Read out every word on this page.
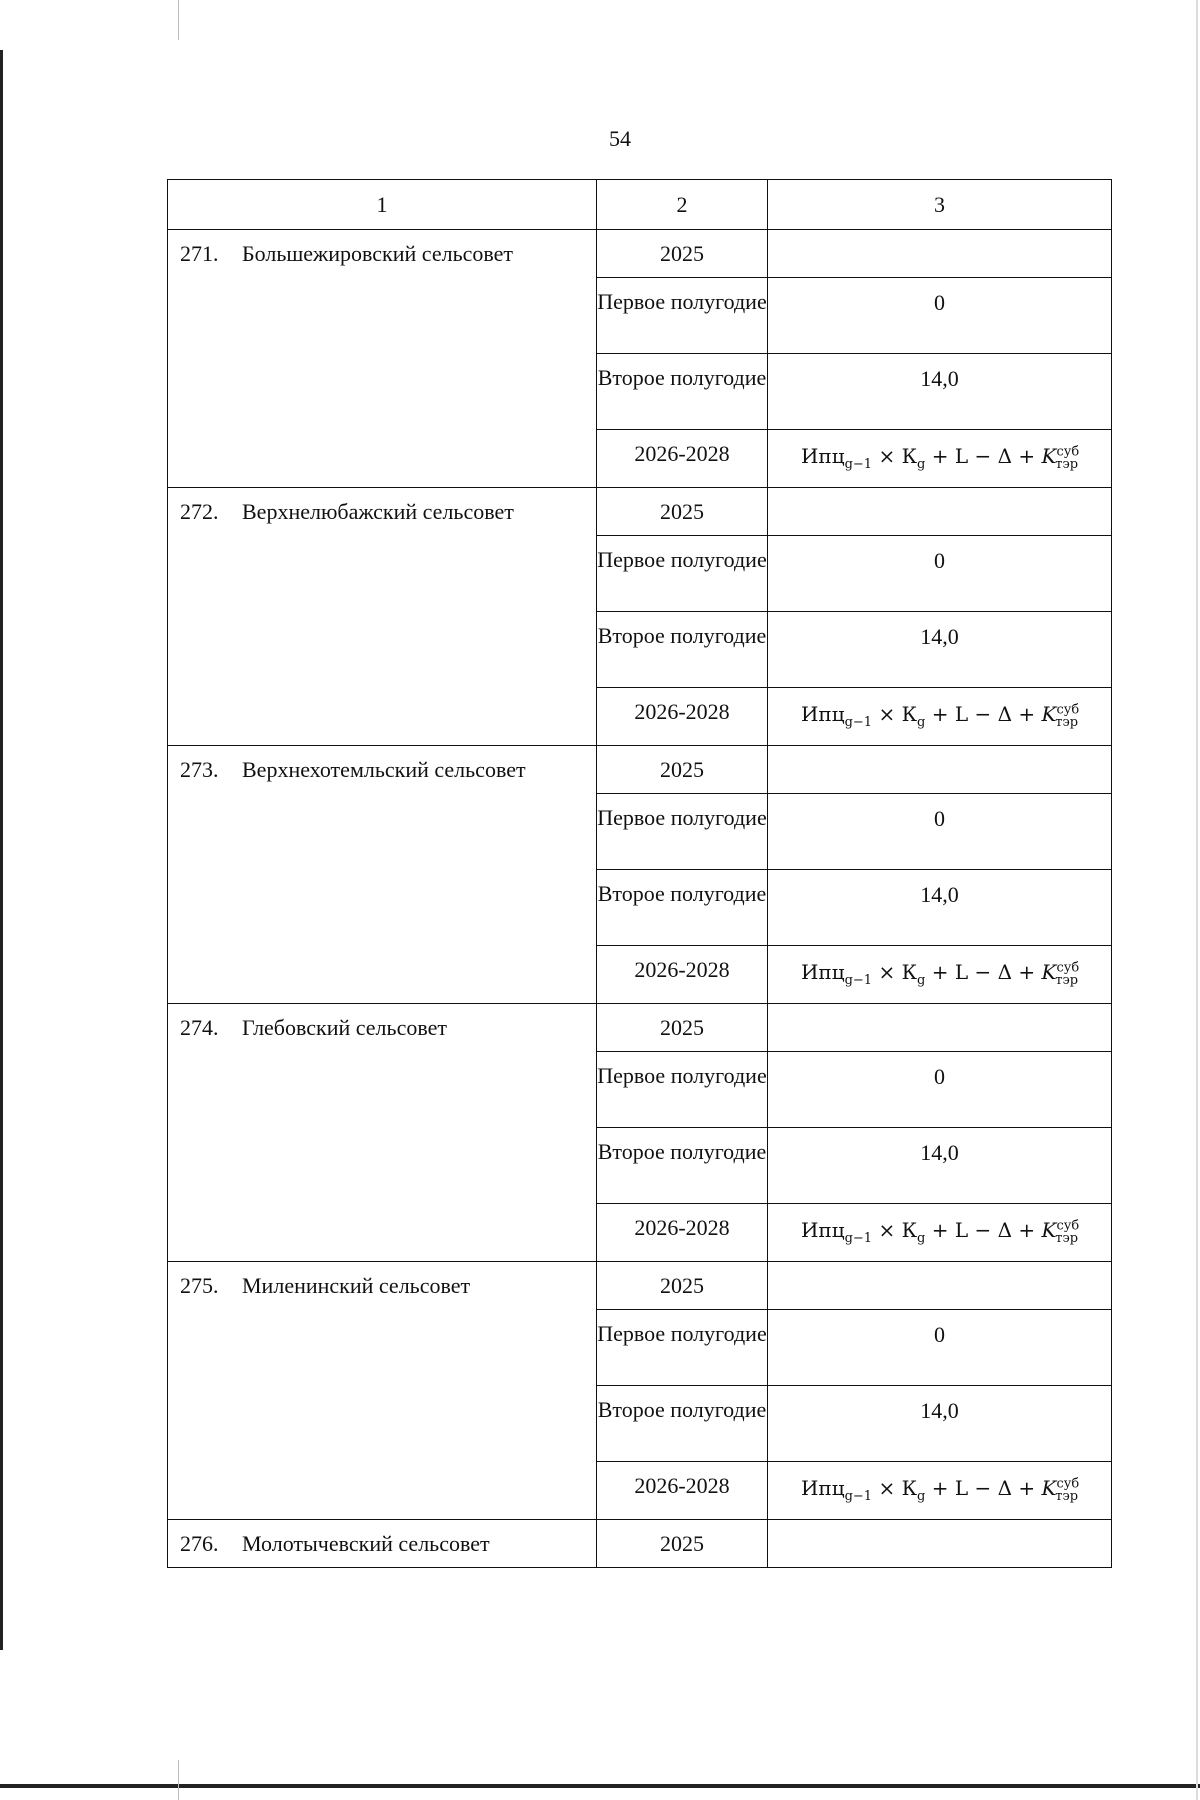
54
1	2	3
271. Большежировский сельсовет	2025	
	Первое полугодие	0
	Второе полугодие	14,0
	2026-2028	$Ипц_{g-1} \times К_g + L - \Delta + K^{суб}_{тэр}$
272. Верхнелюбажский сельсовет	2025	
	Первое полугодие	0
	Второе полугодие	14,0
	2026-2028	$Ипц_{g-1} \times К_g + L - \Delta + K^{суб}_{тэр}$
273. Верхнехотемльский сельсовет	2025	
	Первое полугодие	0
	Второе полугодие	14,0
	2026-2028	$Ипц_{g-1} \times К_g + L - \Delta + K^{суб}_{тэр}$
274. Глебовский сельсовет	2025	
	Первое полугодие	0
	Второе полугодие	14,0
	2026-2028	$Ипц_{g-1} \times К_g + L - \Delta + K^{суб}_{тэр}$
275. Миленинский сельсовет	2025	
	Первое полугодие	0
	Второе полугодие	14,0
	2026-2028	$Ипц_{g-1} \times К_g + L - \Delta + K^{суб}_{тэр}$
276. Молотычевский сельсовет	2025	
